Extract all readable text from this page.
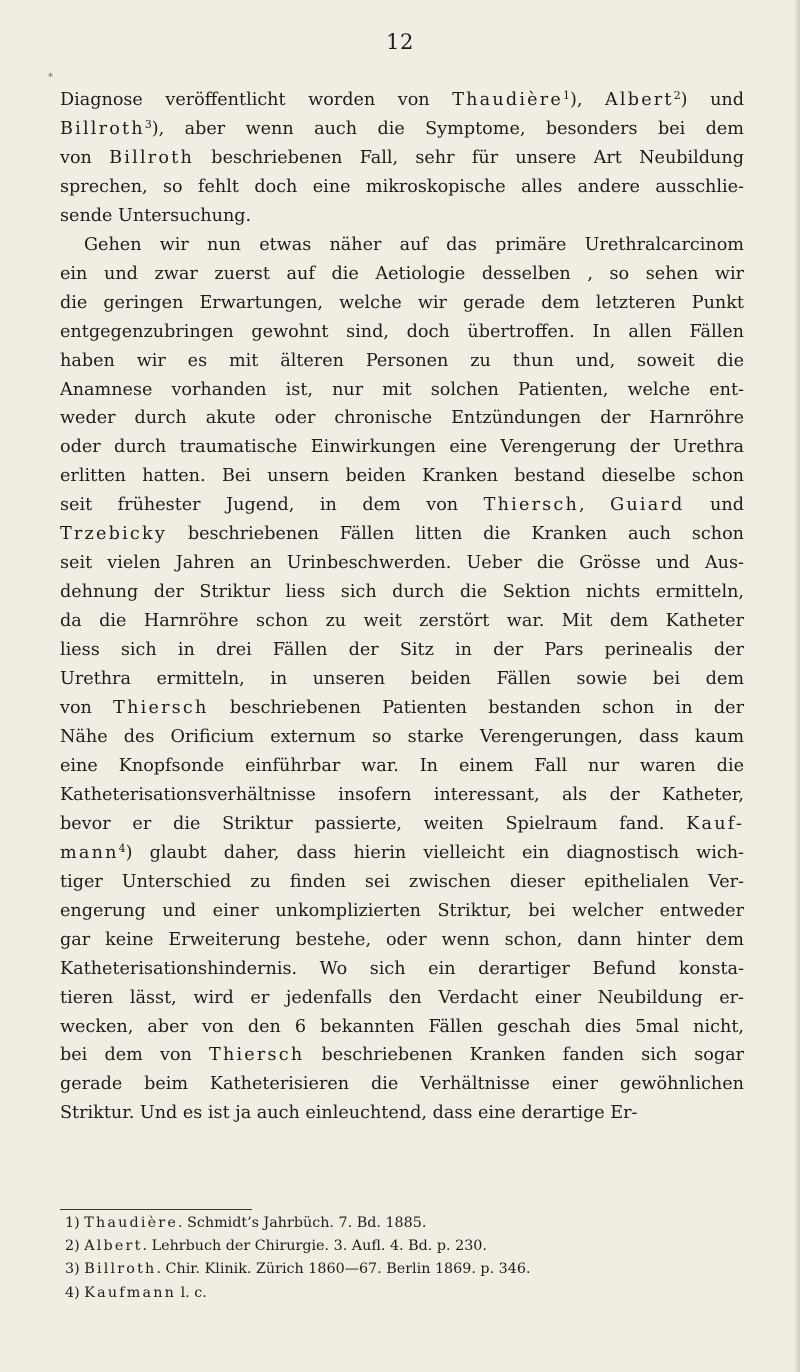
12
*
Diagnose veröffentlicht worden von Thaudière$^1$), Albert$^2$) und
Billroth$^3$), aber wenn auch die Symptome, besonders bei dem
von Billroth beschriebenen Fall, sehr für unsere Art Neubildung
sprechen, so fehlt doch eine mikroskopische alles andere ausschlie-
sende Untersuchung.
Gehen wir nun etwas näher auf das primäre Urethralcarcinom
ein und zwar zuerst auf die Aetiologie desselben , so sehen wir
die geringen Erwartungen, welche wir gerade dem letzteren Punkt
entgegenzubringen gewohnt sind, doch übertroffen. In allen Fällen
haben wir es mit älteren Personen zu thun und, soweit die
Anamnese vorhanden ist, nur mit solchen Patienten, welche ent-
weder durch akute oder chronische Entzündungen der Harnröhre
oder durch traumatische Einwirkungen eine Verengerung der Urethra
erlitten hatten. Bei unsern beiden Kranken bestand dieselbe schon
seit frühester Jugend, in dem von Thiersch, Guiard und
Trzebicky beschriebenen Fällen litten die Kranken auch schon
seit vielen Jahren an Urinbeschwerden. Ueber die Grösse und Aus-
dehnung der Striktur liess sich durch die Sektion nichts ermitteln,
da die Harnröhre schon zu weit zerstört war. Mit dem Katheter
liess sich in drei Fällen der Sitz in der Pars perinealis der
Urethra ermitteln, in unseren beiden Fällen sowie bei dem
von Thiersch beschriebenen Patienten bestanden schon in der
Nähe des Orificium externum so starke Verengerungen, dass kaum
eine Knopfsonde einführbar war. In einem Fall nur waren die
Katheterisationsverhältnisse insofern interessant, als der Katheter,
bevor er die Striktur passierte, weiten Spielraum fand. Kauf-
mann$^4$) glaubt daher, dass hierin vielleicht ein diagnostisch wich-
tiger Unterschied zu finden sei zwischen dieser epithelialen Ver-
engerung und einer unkomplizierten Striktur, bei welcher entweder
gar keine Erweiterung bestehe, oder wenn schon, dann hinter dem
Katheterisationshindernis. Wo sich ein derartiger Befund konsta-
tieren lässt, wird er jedenfalls den Verdacht einer Neubildung er-
wecken, aber von den 6 bekannten Fällen geschah dies 5mal nicht,
bei dem von Thiersch beschriebenen Kranken fanden sich sogar
gerade beim Katheterisieren die Verhältnisse einer gewöhnlichen
Striktur. Und es ist ja auch einleuchtend, dass eine derartige Er-
1) Thaudière. Schmidt’s Jahrbüch. 7. Bd. 1885.
2) Albert. Lehrbuch der Chirurgie. 3. Aufl. 4. Bd. p. 230.
3) Billroth. Chir. Klinik. Zürich 1860—67. Berlin 1869. p. 346.
4) Kaufmann l. c.
